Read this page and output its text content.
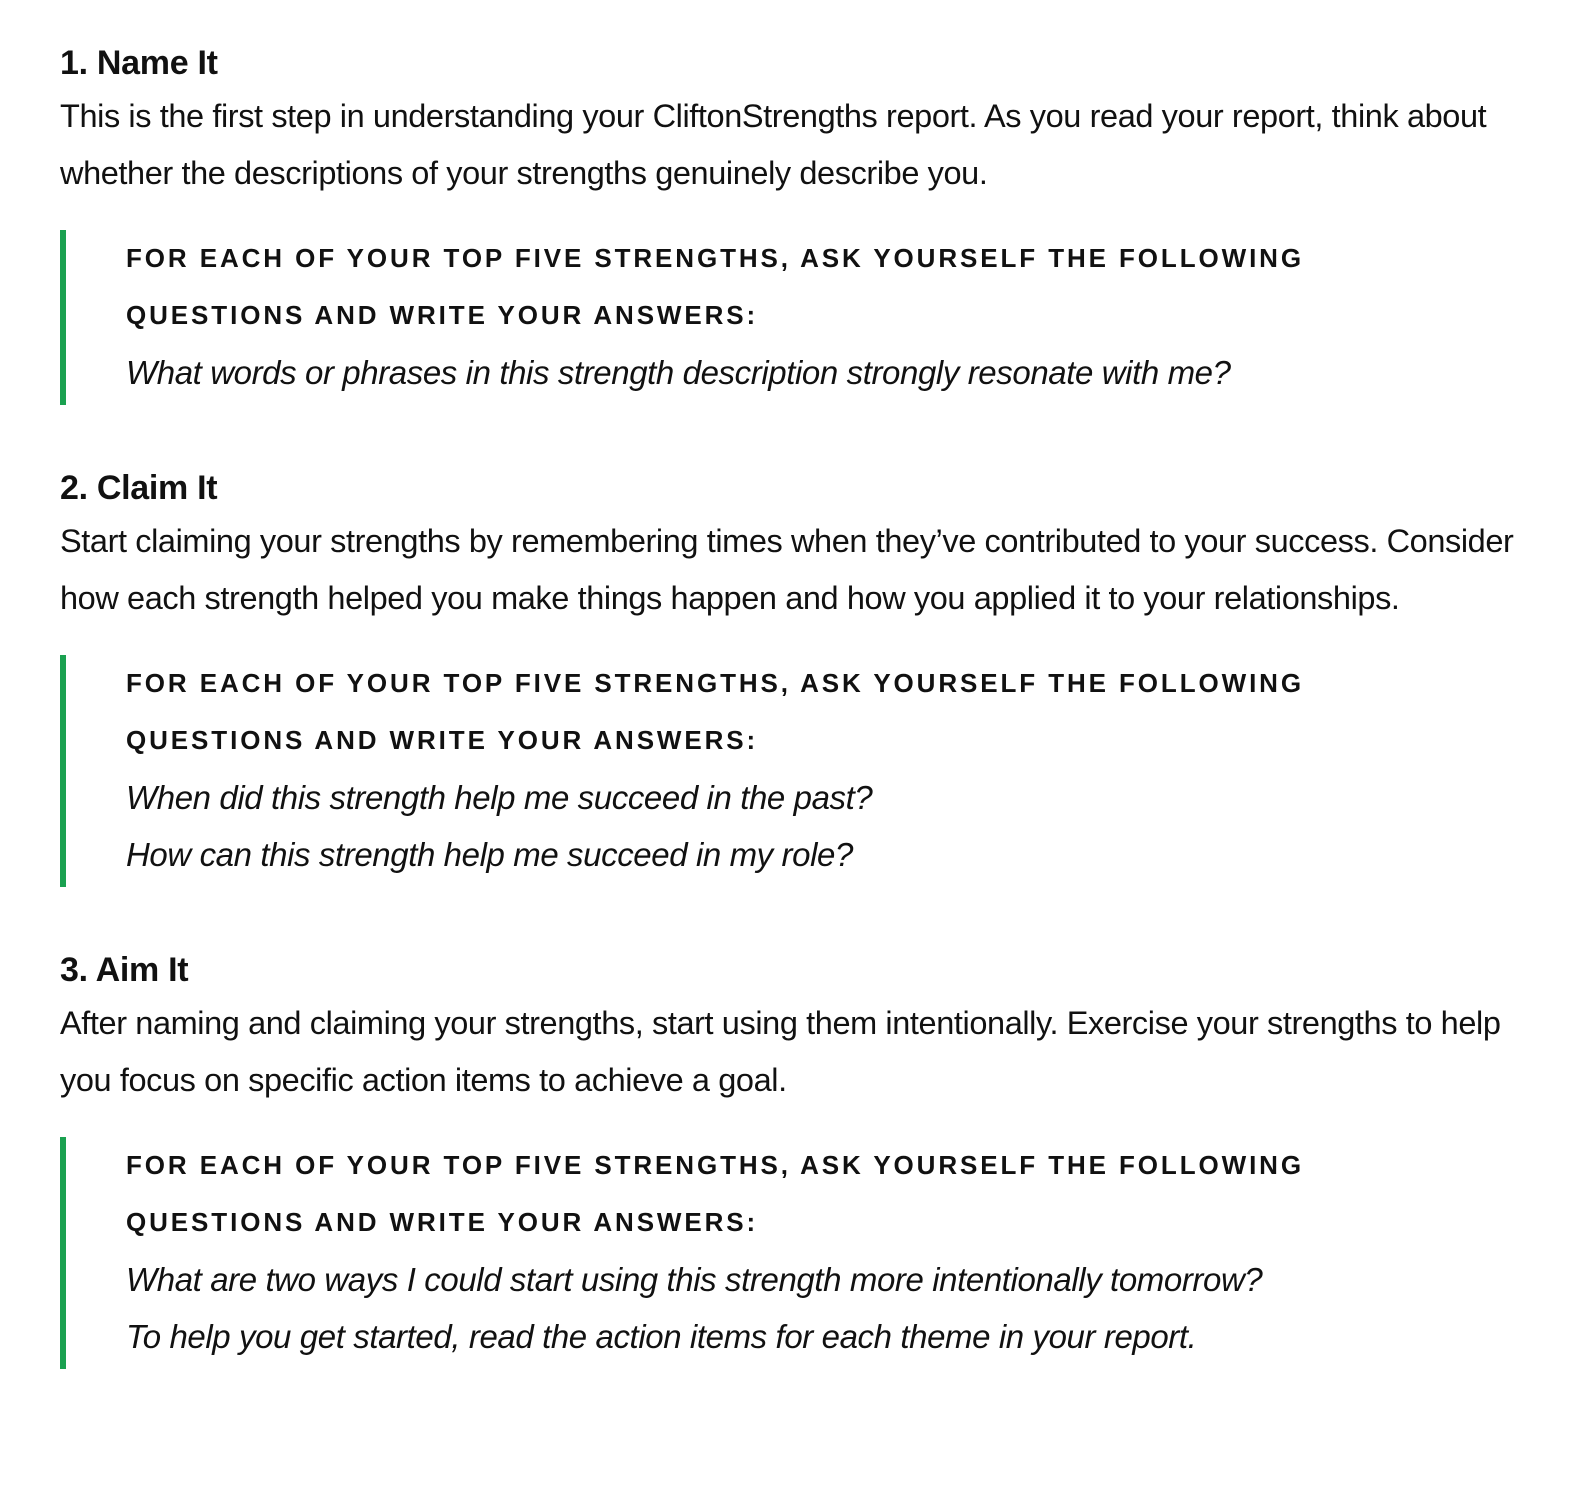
1. Name It

This is the first step in understanding your CliftonStrengths report. As you read your report, think about whether the descriptions of your strengths genuinely describe you.

FOR EACH OF YOUR TOP FIVE STRENGTHS, ASK YOURSELF THE FOLLOWING QUESTIONS AND WRITE YOUR ANSWERS:

What words or phrases in this strength description strongly resonate with me?

2. Claim It

Start claiming your strengths by remembering times when they’ve contributed to your success. Consider how each strength helped you make things happen and how you applied it to your relationships.

FOR EACH OF YOUR TOP FIVE STRENGTHS, ASK YOURSELF THE FOLLOWING QUESTIONS AND WRITE YOUR ANSWERS:

When did this strength help me succeed in the past?

How can this strength help me succeed in my role?

3. Aim It

After naming and claiming your strengths, start using them intentionally. Exercise your strengths to help you focus on specific action items to achieve a goal.

FOR EACH OF YOUR TOP FIVE STRENGTHS, ASK YOURSELF THE FOLLOWING QUESTIONS AND WRITE YOUR ANSWERS:

What are two ways I could start using this strength more intentionally tomorrow?

To help you get started, read the action items for each theme in your report.
